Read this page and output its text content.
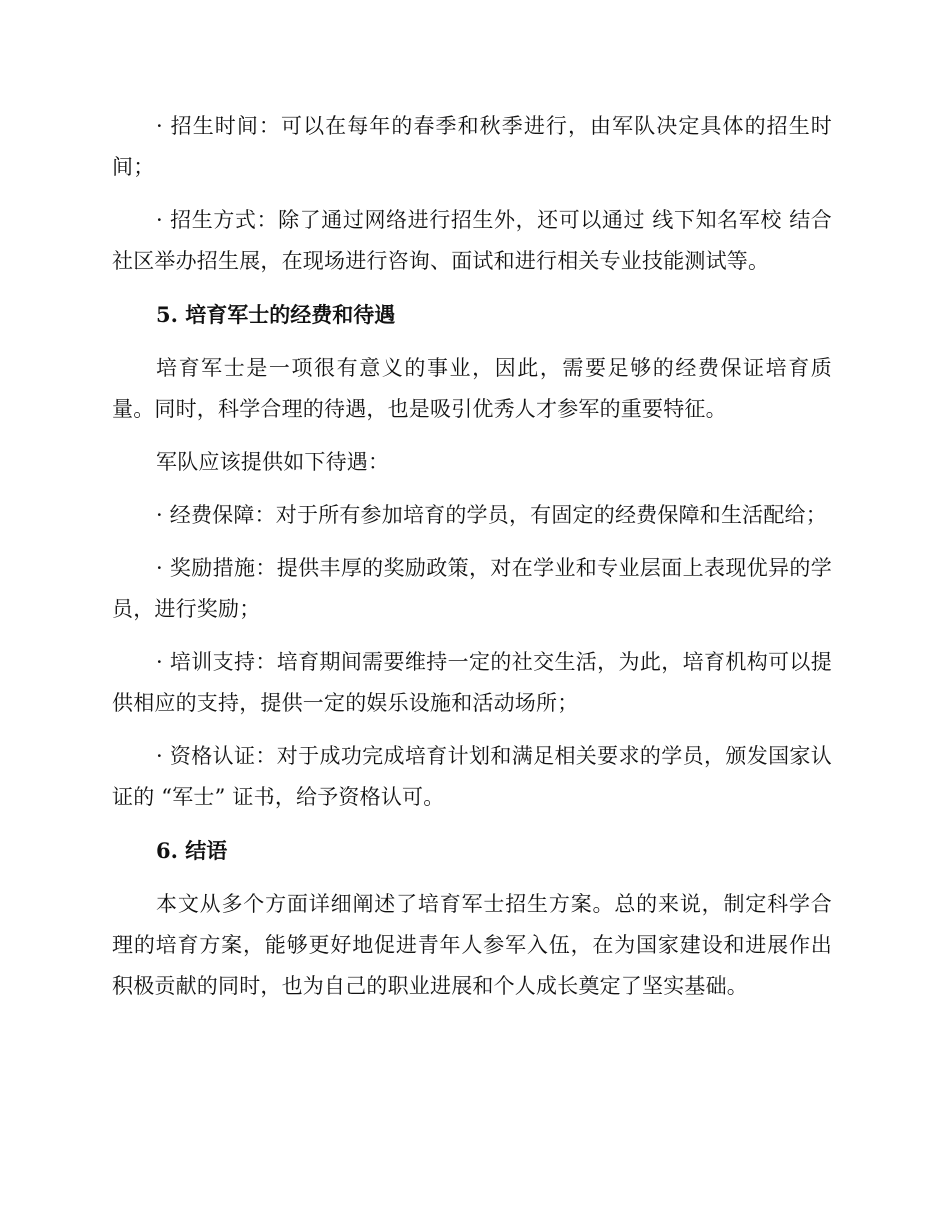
· 招生时间：可以在每年的春季和秋季进行，由军队决定具体的招生时间；

· 招生方式：除了通过网络进行招生外，还可以通过 线下知名军校 结合社区举办招生展，在现场进行咨询、面试和进行相关专业技能测试等。

5. 培育军士的经费和待遇

培育军士是一项很有意义的事业，因此，需要足够的经费保证培育质量。同时，科学合理的待遇，也是吸引优秀人才参军的重要特征。

军队应该提供如下待遇：

· 经费保障：对于所有参加培育的学员，有固定的经费保障和生活配给；

· 奖励措施：提供丰厚的奖励政策，对在学业和专业层面上表现优异的学员，进行奖励；

· 培训支持：培育期间需要维持一定的社交生活，为此，培育机构可以提供相应的支持，提供一定的娱乐设施和活动场所；

· 资格认证：对于成功完成培育计划和满足相关要求的学员，颁发国家认证的 “军士” 证书，给予资格认可。

6. 结语

本文从多个方面详细阐述了培育军士招生方案。总的来说，制定科学合理的培育方案，能够更好地促进青年人参军入伍，在为国家建设和进展作出积极贡献的同时，也为自己的职业进展和个人成长奠定了坚实基础。
